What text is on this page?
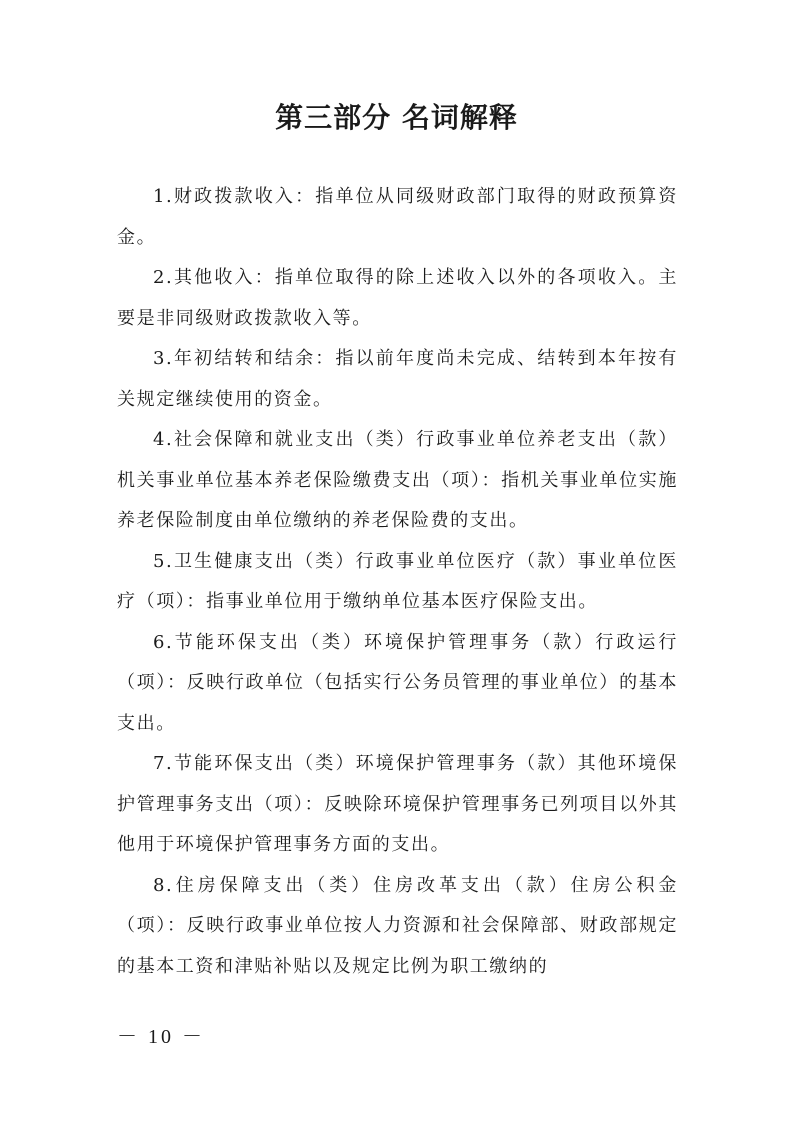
第三部分 名词解释

1.财政拨款收入：指单位从同级财政部门取得的财政预算资金。

2.其他收入：指单位取得的除上述收入以外的各项收入。主要是非同级财政拨款收入等。

3.年初结转和结余：指以前年度尚未完成、结转到本年按有关规定继续使用的资金。

4.社会保障和就业支出（类）行政事业单位养老支出（款）机关事业单位基本养老保险缴费支出（项）：指机关事业单位实施养老保险制度由单位缴纳的养老保险费的支出。

5.卫生健康支出（类）行政事业单位医疗（款）事业单位医疗（项）：指事业单位用于缴纳单位基本医疗保险支出。

6.节能环保支出（类）环境保护管理事务（款）行政运行（项）：反映行政单位（包括实行公务员管理的事业单位）的基本支出。

7.节能环保支出（类）环境保护管理事务（款）其他环境保护管理事务支出（项）：反映除环境保护管理事务已列项目以外其他用于环境保护管理事务方面的支出。

8.住房保障支出（类）住房改革支出（款）住房公积金（项）：反映行政事业单位按人力资源和社会保障部、财政部规定的基本工资和津贴补贴以及规定比例为职工缴纳的

－ 10 －
